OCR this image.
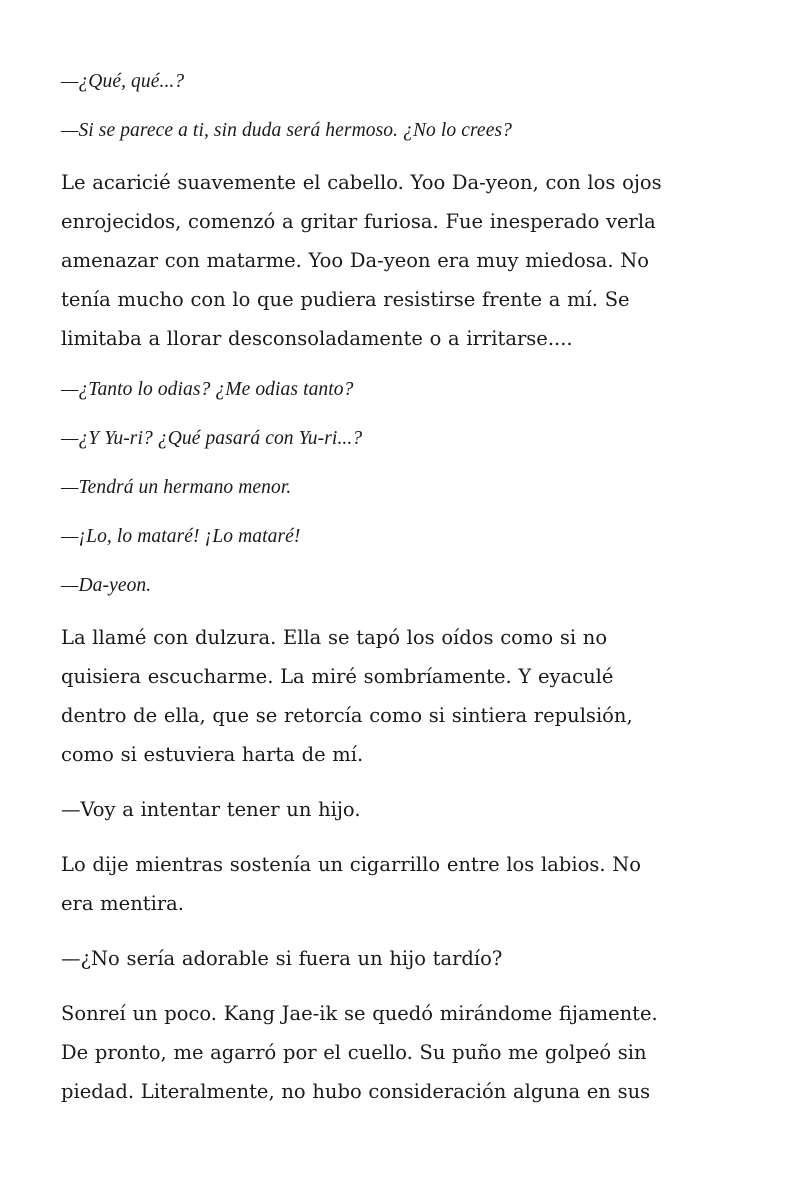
—¿Qué, qué...?

—Si se parece a ti, sin duda será hermoso. ¿No lo crees?

Le acaricié suavemente el cabello. Yoo Da-yeon, con los ojos
enrojecidos, comenzó a gritar furiosa. Fue inesperado verla
amenazar con matarme. Yoo Da-yeon era muy miedosa. No
tenía mucho con lo que pudiera resistirse frente a mí. Se
limitaba a llorar desconsoladamente o a irritarse....

—¿Tanto lo odias? ¿Me odias tanto?

—¿Y Yu-ri? ¿Qué pasará con Yu-ri...?

—Tendrá un hermano menor.

—¡Lo, lo mataré! ¡Lo mataré!

—Da-yeon.

La llamé con dulzura. Ella se tapó los oídos como si no
quisiera escucharme. La miré sombríamente. Y eyaculé
dentro de ella, que se retorcía como si sintiera repulsión,
como si estuviera harta de mí.
—Voy a intentar tener un hijo.
Lo dije mientras sostenía un cigarrillo entre los labios. No
era mentira.
—¿No sería adorable si fuera un hijo tardío?
Sonreí un poco. Kang Jae-ik se quedó mirándome fijamente.
De pronto, me agarró por el cuello. Su puño me golpeó sin
piedad. Literalmente, no hubo consideración alguna en sus
